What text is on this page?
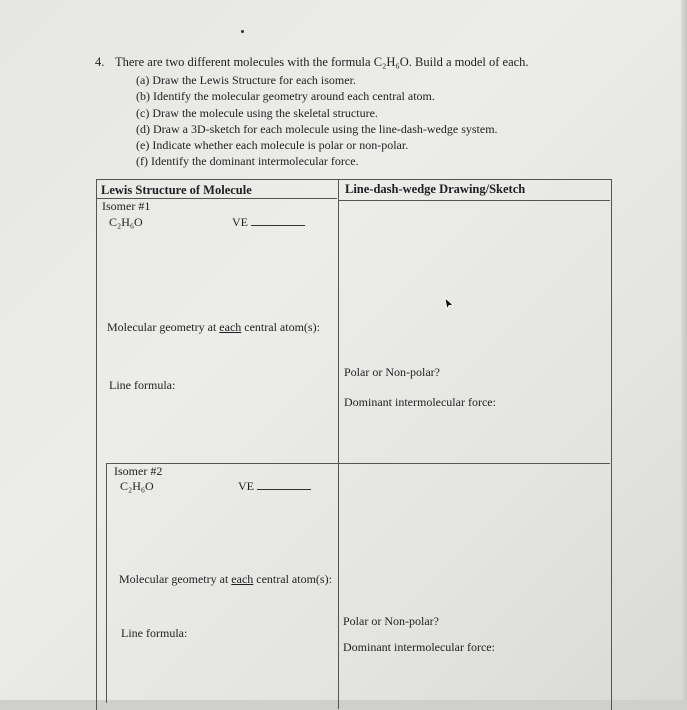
4. There are two different molecules with the formula C₂H₆O. Build a model of each.
(a) Draw the Lewis Structure for each isomer.
(b) Identify the molecular geometry around each central atom.
(c) Draw the molecule using the skeletal structure.
(d) Draw a 3D-sketch for each molecule using the line-dash-wedge system.
(e) Indicate whether each molecule is polar or non-polar.
(f) Identify the dominant intermolecular force.
Lewis Structure of Molecule	Line-dash-wedge Drawing/Sketch
Isomer #1
C₂H₆O	VE
Molecular geometry at each central atom(s):
Line formula:
Polar or Non-polar?
Dominant intermolecular force:
Isomer #2
C₂H₆O	VE
Molecular geometry at each central atom(s):
Line formula:
Polar or Non-polar?
Dominant intermolecular force:
